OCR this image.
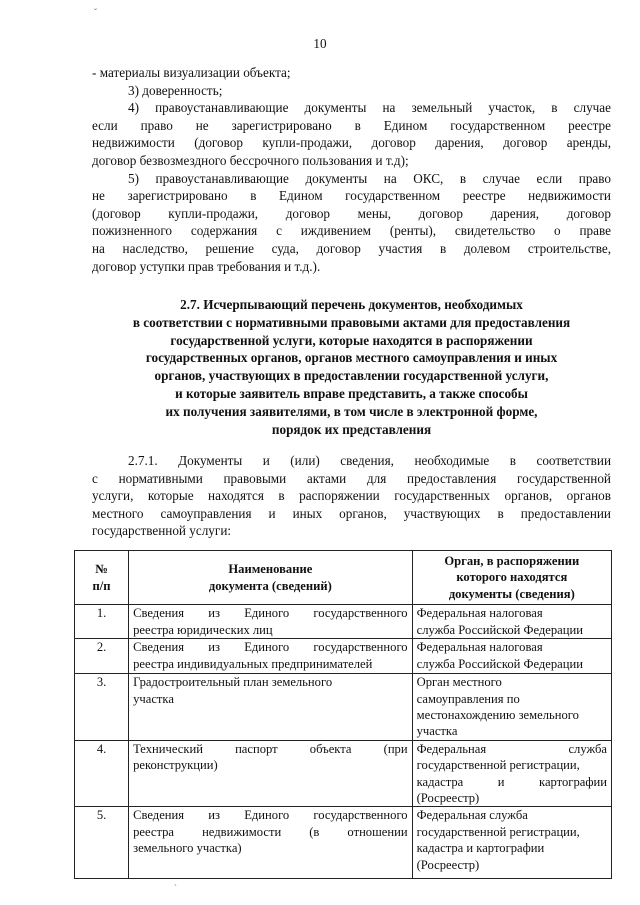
10
- материалы визуализации объекта;
3) доверенность;
4) правоустанавливающие документы на земельный участок, в случае
если право не зарегистрировано в Едином государственном реестре
недвижимости (договор купли-продажи, договор дарения, договор аренды,
договор безвозмездного бессрочного пользования и т.д);
5) правоустанавливающие документы на ОКС, в случае если право
не зарегистрировано в Едином государственном реестре недвижимости
(договор купли-продажи, договор мены, договор дарения, договор
пожизненного содержания с иждивением (ренты), свидетельство о праве
на наследство, решение суда, договор участия в долевом строительстве,
договор уступки прав требования и т.д.).
2.7. Исчерпывающий перечень документов, необходимых
в соответствии с нормативными правовыми актами для предоставления
государственной услуги, которые находятся в распоряжении
государственных органов, органов местного самоуправления и иных
органов, участвующих в предоставлении государственной услуги,
и которые заявитель вправе представить, а также способы
их получения заявителями, в том числе в электронной форме,
порядок их представления
2.7.1. Документы и (или) сведения, необходимые в соответствии
с нормативными правовыми актами для предоставления государственной
услуги, которые находятся в распоряжении государственных органов, органов
местного самоуправления и иных органов, участвующих в предоставлении
государственной услуги:
№
п/п	Наименование
документа (сведений)	Орган, в распоряжении
которого находятся
документы (сведения)

1.	Сведения из Единого государственного
реестра юридических лиц	Федеральная налоговая
служба Российской Федерации

2.	Сведения из Единого государственного
реестра индивидуальных предпринимателей	Федеральная налоговая
служба Российской Федерации

3.	Градостроительный план земельного
участка	Орган местного
самоуправления по
местонахождению земельного
участка

4.	Технический паспорт объекта (при
реконструкции)	Федеральная служба
государственной регистрации,
кадастра и картографии
(Росреестр)

5.	Сведения из Единого государственного
реестра недвижимости (в отношении
земельного участка)	Федеральная служба
государственной регистрации,
кадастра и картографии
(Росреестр)
ˇ
`
